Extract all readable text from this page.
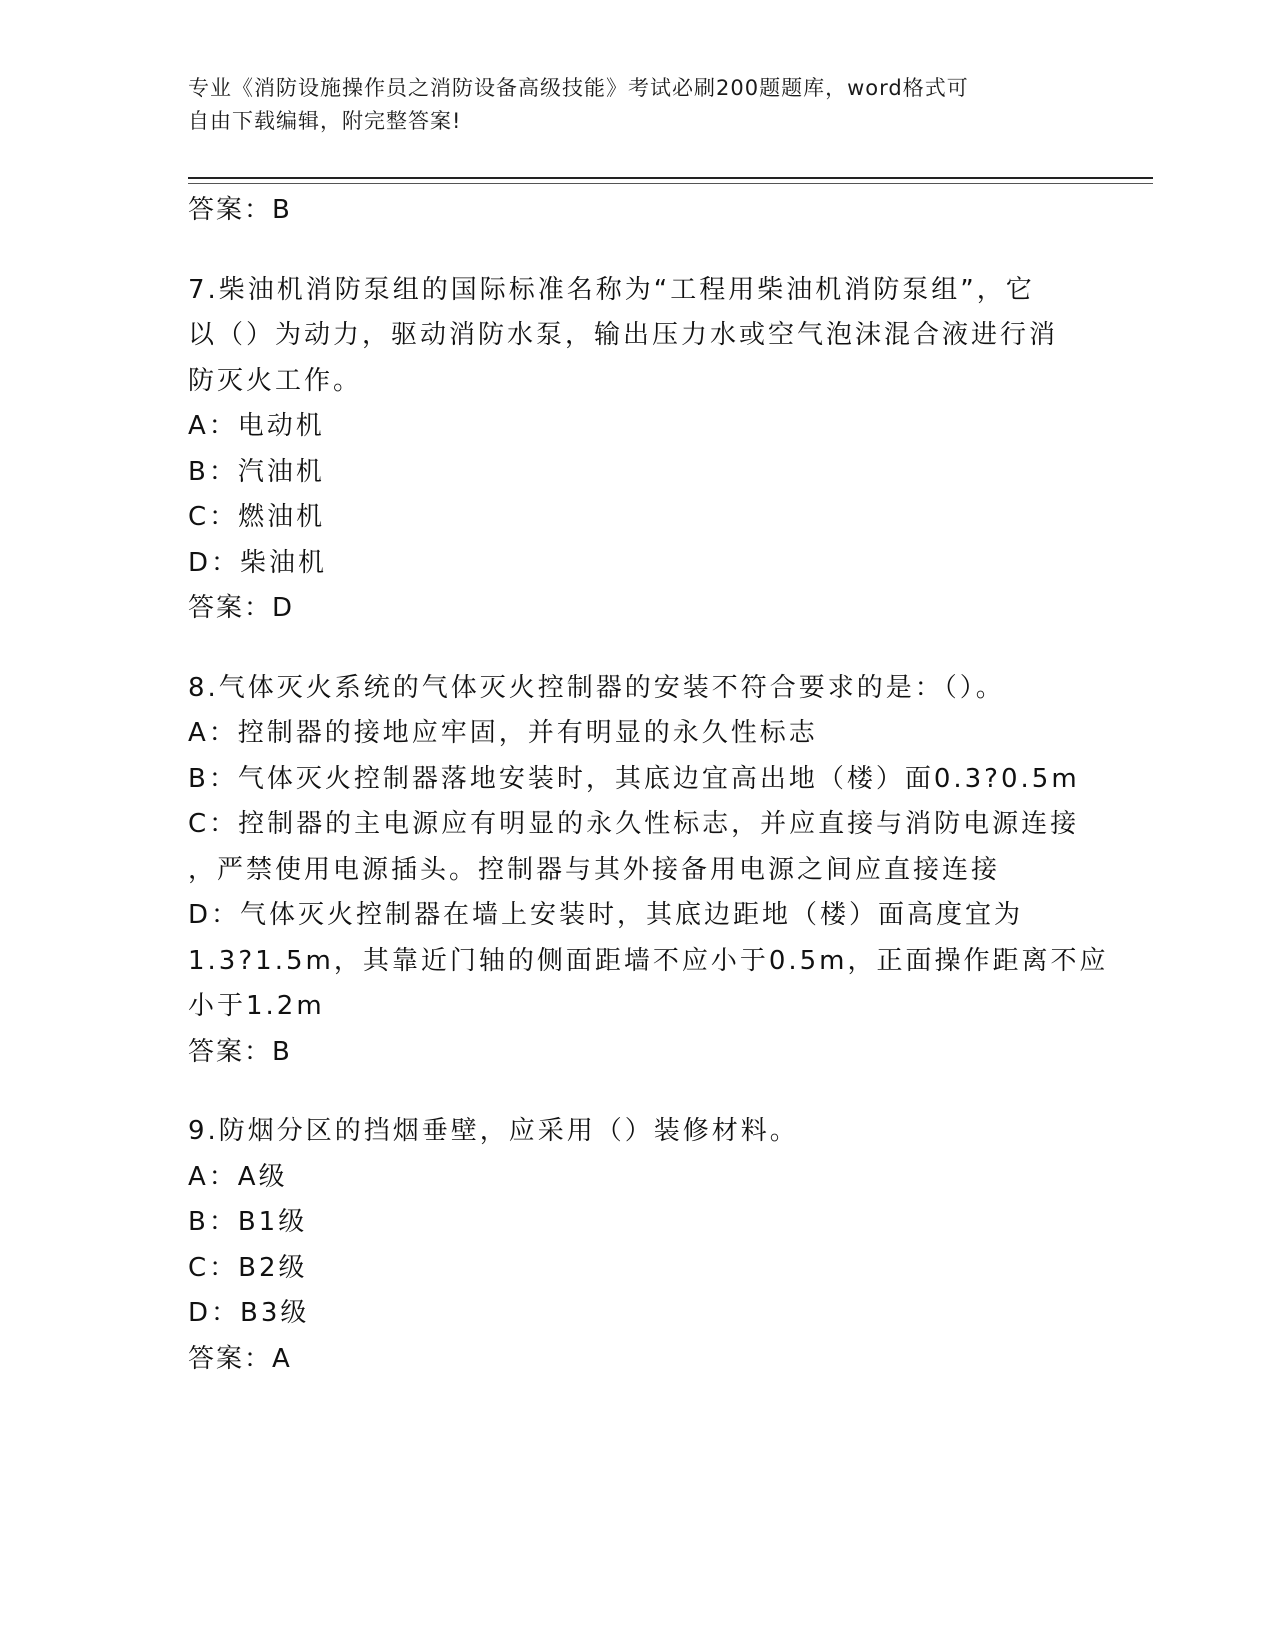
专业《消防设施操作员之消防设备高级技能》考试必刷200题题库，word格式可
自由下载编辑，附完整答案!
答案：B
7.柴油机消防泵组的国际标准名称为“工程用柴油机消防泵组”，它
以（）为动力，驱动消防水泵，输出压力水或空气泡沫混合液进行消
防灭火工作。
A：电动机
B：汽油机
C：燃油机
D：柴油机
答案：D
8.气体灭火系统的气体灭火控制器的安装不符合要求的是：（）。
A：控制器的接地应牢固，并有明显的永久性标志
B：气体灭火控制器落地安装时，其底边宜高出地（楼）面0.3?0.5m
C：控制器的主电源应有明显的永久性标志，并应直接与消防电源连接
，严禁使用电源插头。控制器与其外接备用电源之间应直接连接
D：气体灭火控制器在墙上安装时，其底边距地（楼）面高度宜为
1.3?1.5m，其靠近门轴的侧面距墙不应小于0.5m，正面操作距离不应
小于1.2m
答案：B
9.防烟分区的挡烟垂壁，应采用（）装修材料。
A：A级
B：B1级
C：B2级
D：B3级
答案：A
